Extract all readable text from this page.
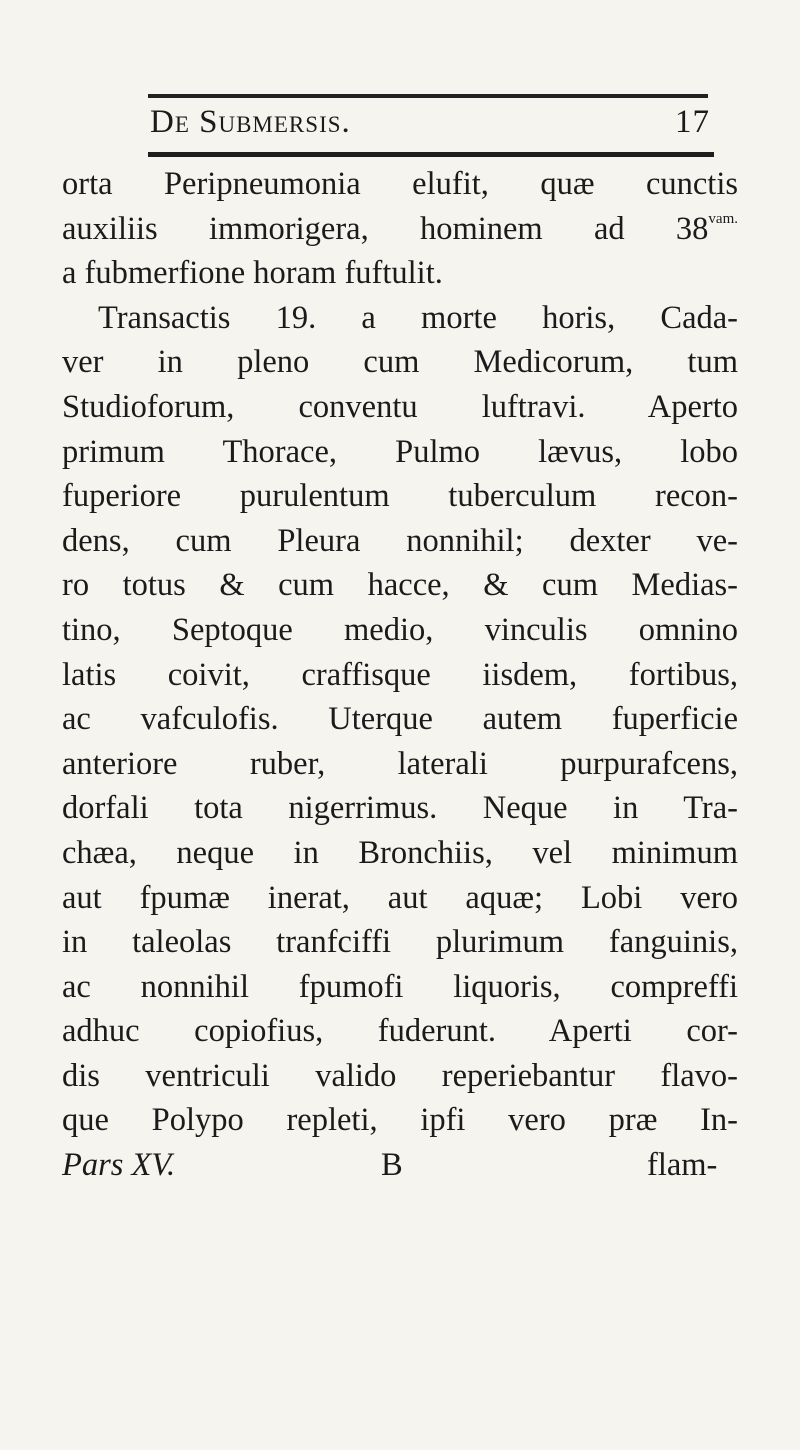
De Submersis.	17
orta Peripneumonia elufit, quæ cunctis
auxiliis immorigera, hominem ad $38^{vam.}$
a fubmerfione horam fuftulit.
Transactis 19. a morte horis, Cada-
ver in pleno cum Medicorum, tum
Studioforum, conventu luftravi. Aperto
primum Thorace, Pulmo lævus, lobo
fuperiore purulentum tuberculum recon-
dens, cum Pleura nonnihil; dexter ve-
ro totus & cum hacce, & cum Medias-
tino, Septoque medio, vinculis omnino
latis coivit, craffisque iisdem, fortibus,
ac vafculofis. Uterque autem fuperficie
anteriore ruber, laterali purpurafcens,
dorfali tota nigerrimus. Neque in Tra-
chæa, neque in Bronchiis, vel minimum
aut fpumæ inerat, aut aquæ; Lobi vero
in taleolas tranfciffi plurimum fanguinis,
ac nonnihil fpumofi liquoris, compreffi
adhuc copiofius, fuderunt. Aperti cor-
dis ventriculi valido reperiebantur flavo-
que Polypo repleti, ipfi vero præ In-
Pars XV.	B	flam-
